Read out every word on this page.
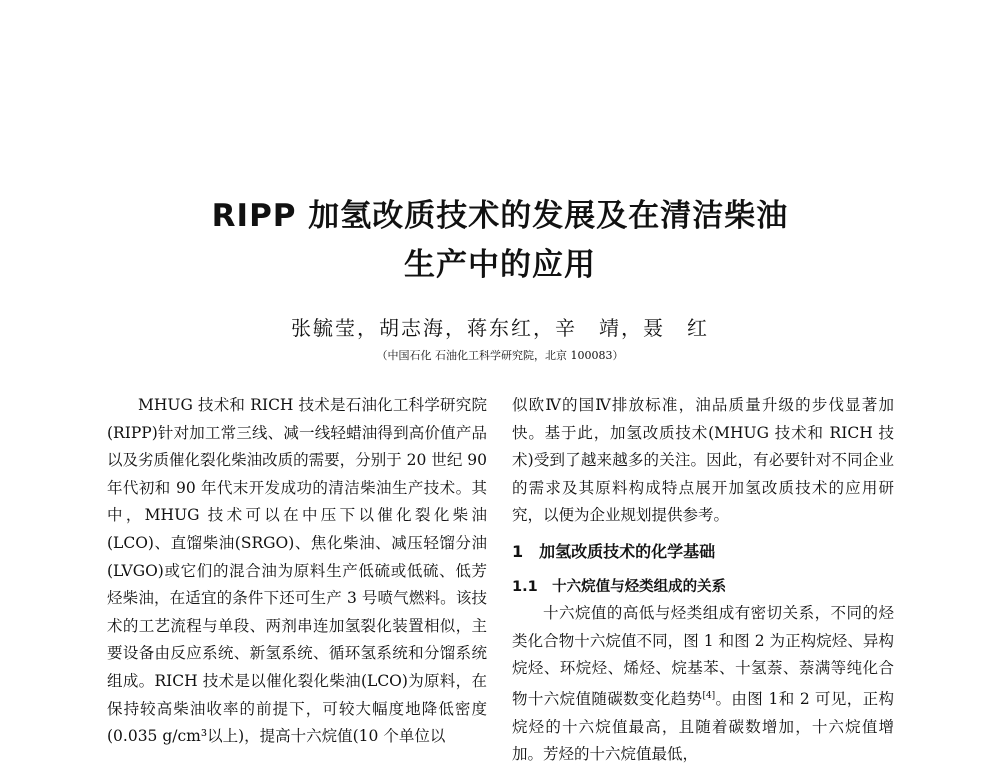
RIPP 加氢改质技术的发展及在清洁柴油
生产中的应用
张毓莹，胡志海，蒋东红，辛　靖，聂　红
（中国石化 石油化工科学研究院，北京 100083）

MHUG 技术和 RICH 技术是石油化工科学研究院(RIPP)针对加工常三线、减一线轻蜡油得到高价值产品以及劣质催化裂化柴油改质的需要，分别于 20 世纪 90 年代初和 90 年代末开发成功的清洁柴油生产技术。其中，MHUG 技术可以在中压下以催化裂化柴油(LCO)、直馏柴油(SRGO)、焦化柴油、减压轻馏分油(LVGO)或它们的混合油为原料生产低硫或低硫、低芳烃柴油，在适宜的条件下还可生产 3 号喷气燃料。该技术的工艺流程与单段、两剂串连加氢裂化装置相似，主要设备由反应系统、新氢系统、循环氢系统和分馏系统组成。RICH 技术是以催化裂化柴油(LCO)为原料，在保持较高柴油收率的前提下，可较大幅度地降低密度(0.035 g/cm³以上)，提高十六烷值(10 个单位以

似欧Ⅳ的国Ⅳ排放标准，油品质量升级的步伐显著加快。基于此，加氢改质技术(MHUG 技术和 RICH 技术)受到了越来越多的关注。因此，有必要针对不同企业的需求及其原料构成特点展开加氢改质技术的应用研究，以便为企业规划提供参考。

1　加氢改质技术的化学基础
1.1　十六烷值与烃类组成的关系

十六烷值的高低与烃类组成有密切关系，不同的烃类化合物十六烷值不同，图 1 和图 2 为正构烷烃、异构烷烃、环烷烃、烯烃、烷基苯、十氢萘、萘满等纯化合物十六烷值随碳数变化趋势[4]。由图 1和 2 可见，正构烷烃的十六烷值最高，且随着碳数增加，十六烷值增加。芳烃的十六烷值最低，
